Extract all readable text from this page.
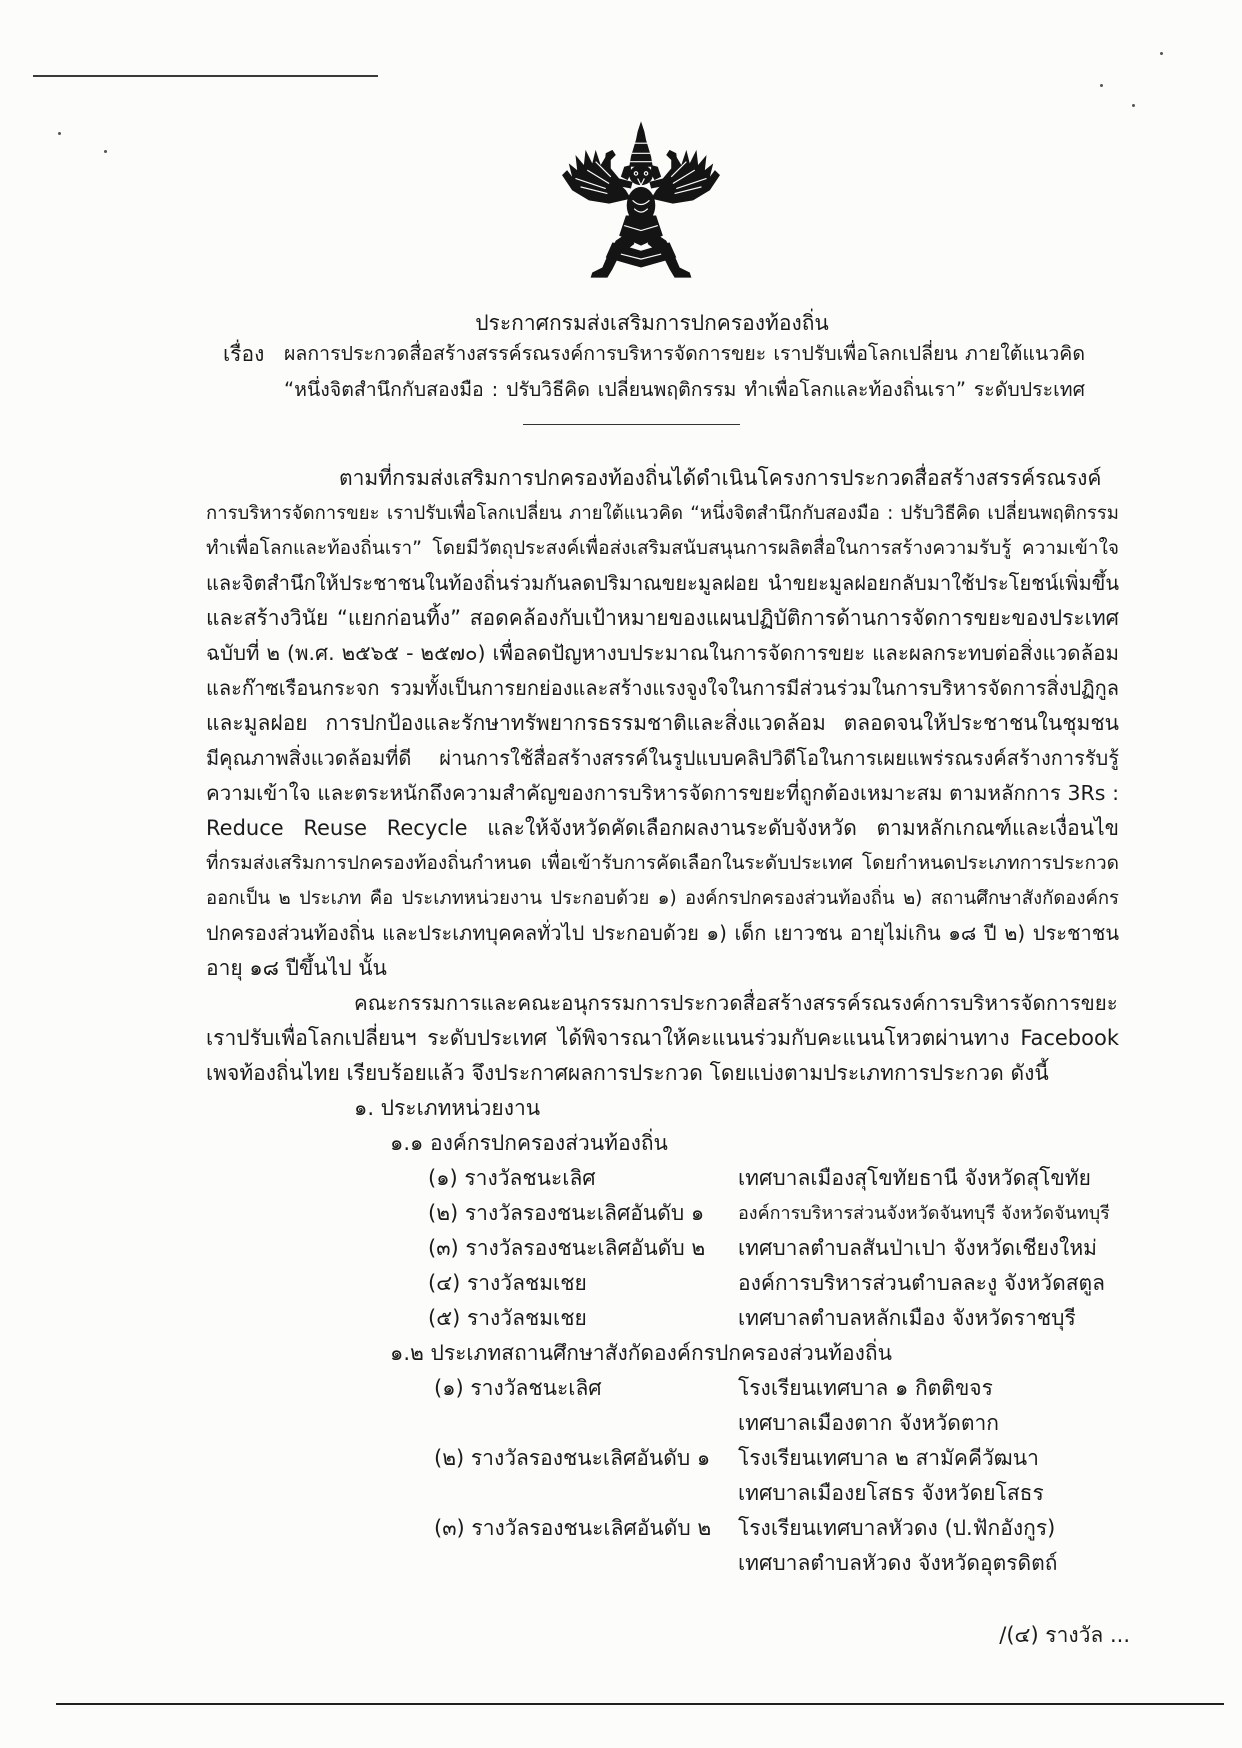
ประกาศกรมส่งเสริมการปกครองท้องถิ่น
เรื่อง	ผลการประกวดสื่อสร้างสรรค์รณรงค์การบริหารจัดการขยะ เราปรับเพื่อโลกเปลี่ยน ภายใต้แนวคิด
“หนึ่งจิตสำนึกกับสองมือ : ปรับวิธีคิด เปลี่ยนพฤติกรรม ทำเพื่อโลกและท้องถิ่นเรา” ระดับประเทศ
ตามที่กรมส่งเสริมการปกครองท้องถิ่นได้ดำเนินโครงการประกวดสื่อสร้างสรรค์รณรงค์
การบริหารจัดการขยะ เราปรับเพื่อโลกเปลี่ยน ภายใต้แนวคิด “หนึ่งจิตสำนึกกับสองมือ : ปรับวิธีคิด เปลี่ยนพฤติกรรม
ทำเพื่อโลกและท้องถิ่นเรา” โดยมีวัตถุประสงค์เพื่อส่งเสริมสนับสนุนการผลิตสื่อในการสร้างความรับรู้ ความเข้าใจ
และจิตสำนึกให้ประชาชนในท้องถิ่นร่วมกันลดปริมาณขยะมูลฝอย นำขยะมูลฝอยกลับมาใช้ประโยชน์เพิ่มขึ้น
และสร้างวินัย “แยกก่อนทิ้ง” สอดคล้องกับเป้าหมายของแผนปฏิบัติการด้านการจัดการขยะของประเทศ
ฉบับที่ ๒ (พ.ศ. ๒๕๖๕ - ๒๕๗๐) เพื่อลดปัญหางบประมาณในการจัดการขยะ และผลกระทบต่อสิ่งแวดล้อม
และก๊าซเรือนกระจก รวมทั้งเป็นการยกย่องและสร้างแรงจูงใจในการมีส่วนร่วมในการบริหารจัดการสิ่งปฏิกูล
และมูลฝอย การปกป้องและรักษาทรัพยากรธรรมชาติและสิ่งแวดล้อม ตลอดจนให้ประชาชนในชุมชน
มีคุณภาพสิ่งแวดล้อมที่ดี ผ่านการใช้สื่อสร้างสรรค์ในรูปแบบคลิปวิดีโอในการเผยแพร่รณรงค์สร้างการรับรู้
ความเข้าใจ และตระหนักถึงความสำคัญของการบริหารจัดการขยะที่ถูกต้องเหมาะสม ตามหลักการ 3Rs :
Reduce Reuse Recycle และให้จังหวัดคัดเลือกผลงานระดับจังหวัด ตามหลักเกณฑ์และเงื่อนไข
ที่กรมส่งเสริมการปกครองท้องถิ่นกำหนด เพื่อเข้ารับการคัดเลือกในระดับประเทศ โดยกำหนดประเภทการประกวด
ออกเป็น ๒ ประเภท คือ ประเภทหน่วยงาน ประกอบด้วย ๑) องค์กรปกครองส่วนท้องถิ่น ๒) สถานศึกษาสังกัดองค์กร
ปกครองส่วนท้องถิ่น และประเภทบุคคลทั่วไป ประกอบด้วย ๑) เด็ก เยาวชน อายุไม่เกิน ๑๘ ปี ๒) ประชาชน
อายุ ๑๘ ปีขึ้นไป นั้น
คณะกรรมการและคณะอนุกรรมการประกวดสื่อสร้างสรรค์รณรงค์การบริหารจัดการขยะ
เราปรับเพื่อโลกเปลี่ยนฯ ระดับประเทศ ได้พิจารณาให้คะแนนร่วมกับคะแนนโหวตผ่านทาง Facebook
เพจท้องถิ่นไทย เรียบร้อยแล้ว จึงประกาศผลการประกวด โดยแบ่งตามประเภทการประกวด ดังนี้
๑. ประเภทหน่วยงาน
๑.๑ องค์กรปกครองส่วนท้องถิ่น
(๑) รางวัลชนะเลิศ	เทศบาลเมืองสุโขทัยธานี จังหวัดสุโขทัย
(๒) รางวัลรองชนะเลิศอันดับ ๑	องค์การบริหารส่วนจังหวัดจันทบุรี จังหวัดจันทบุรี
(๓) รางวัลรองชนะเลิศอันดับ ๒	เทศบาลตำบลสันป่าเปา จังหวัดเชียงใหม่
(๔) รางวัลชมเชย	องค์การบริหารส่วนตำบลละงู จังหวัดสตูล
(๕) รางวัลชมเชย	เทศบาลตำบลหลักเมือง จังหวัดราชบุรี
๑.๒ ประเภทสถานศึกษาสังกัดองค์กรปกครองส่วนท้องถิ่น
(๑) รางวัลชนะเลิศ	โรงเรียนเทศบาล ๑ กิตติขจร
เทศบาลเมืองตาก จังหวัดตาก
(๒) รางวัลรองชนะเลิศอันดับ ๑	โรงเรียนเทศบาล ๒ สามัคคีวัฒนา
เทศบาลเมืองยโสธร จังหวัดยโสธร
(๓) รางวัลรองชนะเลิศอันดับ ๒	โรงเรียนเทศบาลหัวดง (ป.ฟักอังกูร)
เทศบาลตำบลหัวดง จังหวัดอุตรดิตถ์
/(๔) รางวัล ...
